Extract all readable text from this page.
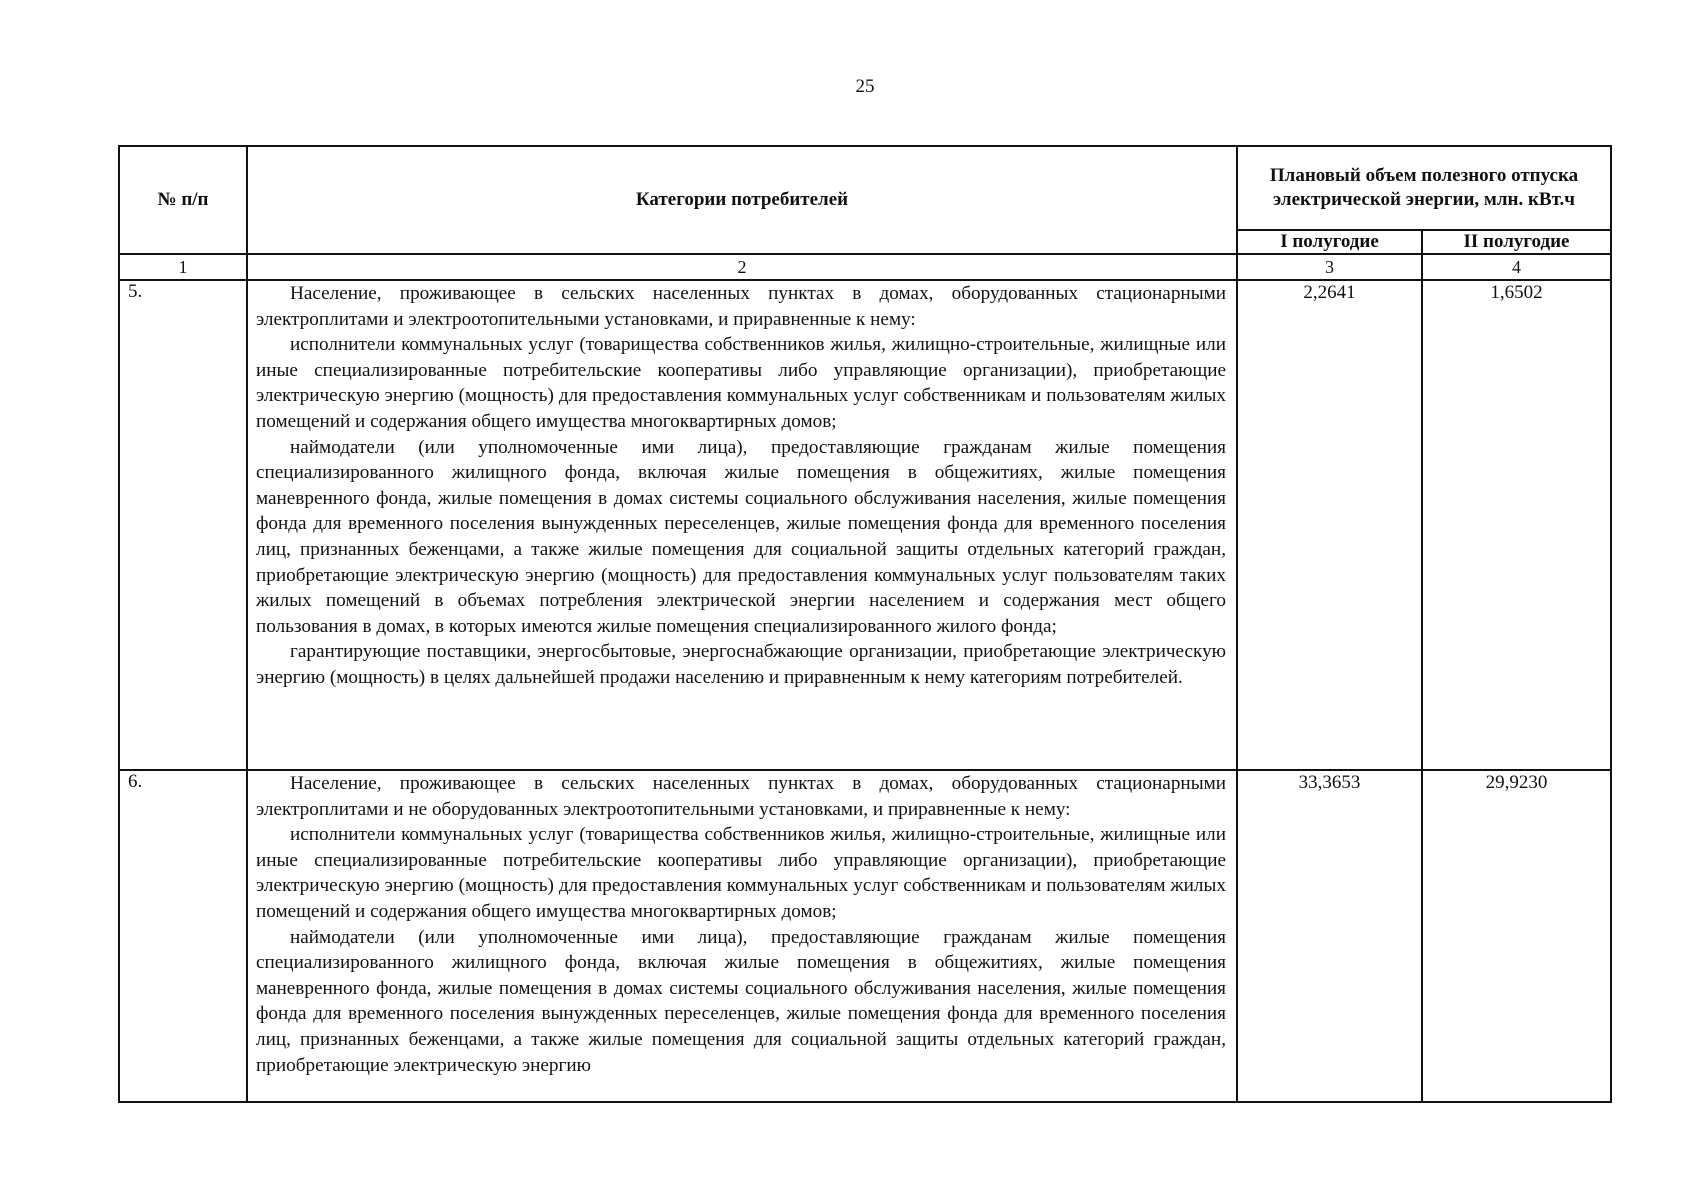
25
№ п/п	Категории потребителей	Плановый объем полезного отпуска электрической энергии, млн. кВт.ч	
		I полугодие	II полугодие
1	2	3	4
5.	Население, проживающее в сельских населенных пунктах в домах, оборудованных стационарными электроплитами и электроотопительными установками, и приравненные к нему:

исполнители коммунальных услуг (товарищества собственников жилья, жилищно-строительные, жилищные или иные специализированные потребительские кооперативы либо управляющие организации), приобретающие электрическую энергию (мощность) для предоставления коммунальных услуг собственникам и пользователям жилых помещений и содержания общего имущества многоквартирных домов;

наймодатели (или уполномоченные ими лица), предоставляющие гражданам жилые помещения специализированного жилищного фонда, включая жилые помещения в общежитиях, жилые помещения маневренного фонда, жилые помещения в домах системы социального обслуживания населения, жилые помещения фонда для временного поселения вынужденных переселенцев, жилые помещения фонда для временного поселения лиц, признанных беженцами, а также жилые помещения для социальной защиты отдельных категорий граждан, приобретающие электрическую энергию (мощность) для предоставления коммунальных услуг пользователям таких жилых помещений в объемах потребления электрической энергии населением и содержания мест общего пользования в домах, в которых имеются жилые помещения специализированного жилого фонда;

гарантирующие поставщики, энергосбытовые, энергоснабжающие организации, приобретающие электрическую энергию (мощность) в целях дальнейшей продажи населению и приравненным к нему категориям потребителей.	2,2641	1,6502
6.	Население, проживающее в сельских населенных пунктах в домах, оборудованных стационарными электроплитами и не оборудованных электроотопительными установками, и приравненные к нему:

исполнители коммунальных услуг (товарищества собственников жилья, жилищно-строительные, жилищные или иные специализированные потребительские кооперативы либо управляющие организации), приобретающие электрическую энергию (мощность) для предоставления коммунальных услуг собственникам и пользователям жилых помещений и содержания общего имущества многоквартирных домов;

наймодатели (или уполномоченные ими лица), предоставляющие гражданам жилые помещения специализированного жилищного фонда, включая жилые помещения в общежитиях, жилые помещения маневренного фонда, жилые помещения в домах системы социального обслуживания населения, жилые помещения фонда для временного поселения вынужденных переселенцев, жилые помещения фонда для временного поселения лиц, признанных беженцами, а также жилые помещения для социальной защиты отдельных категорий граждан, приобретающие электрическую энергию	33,3653	29,9230
